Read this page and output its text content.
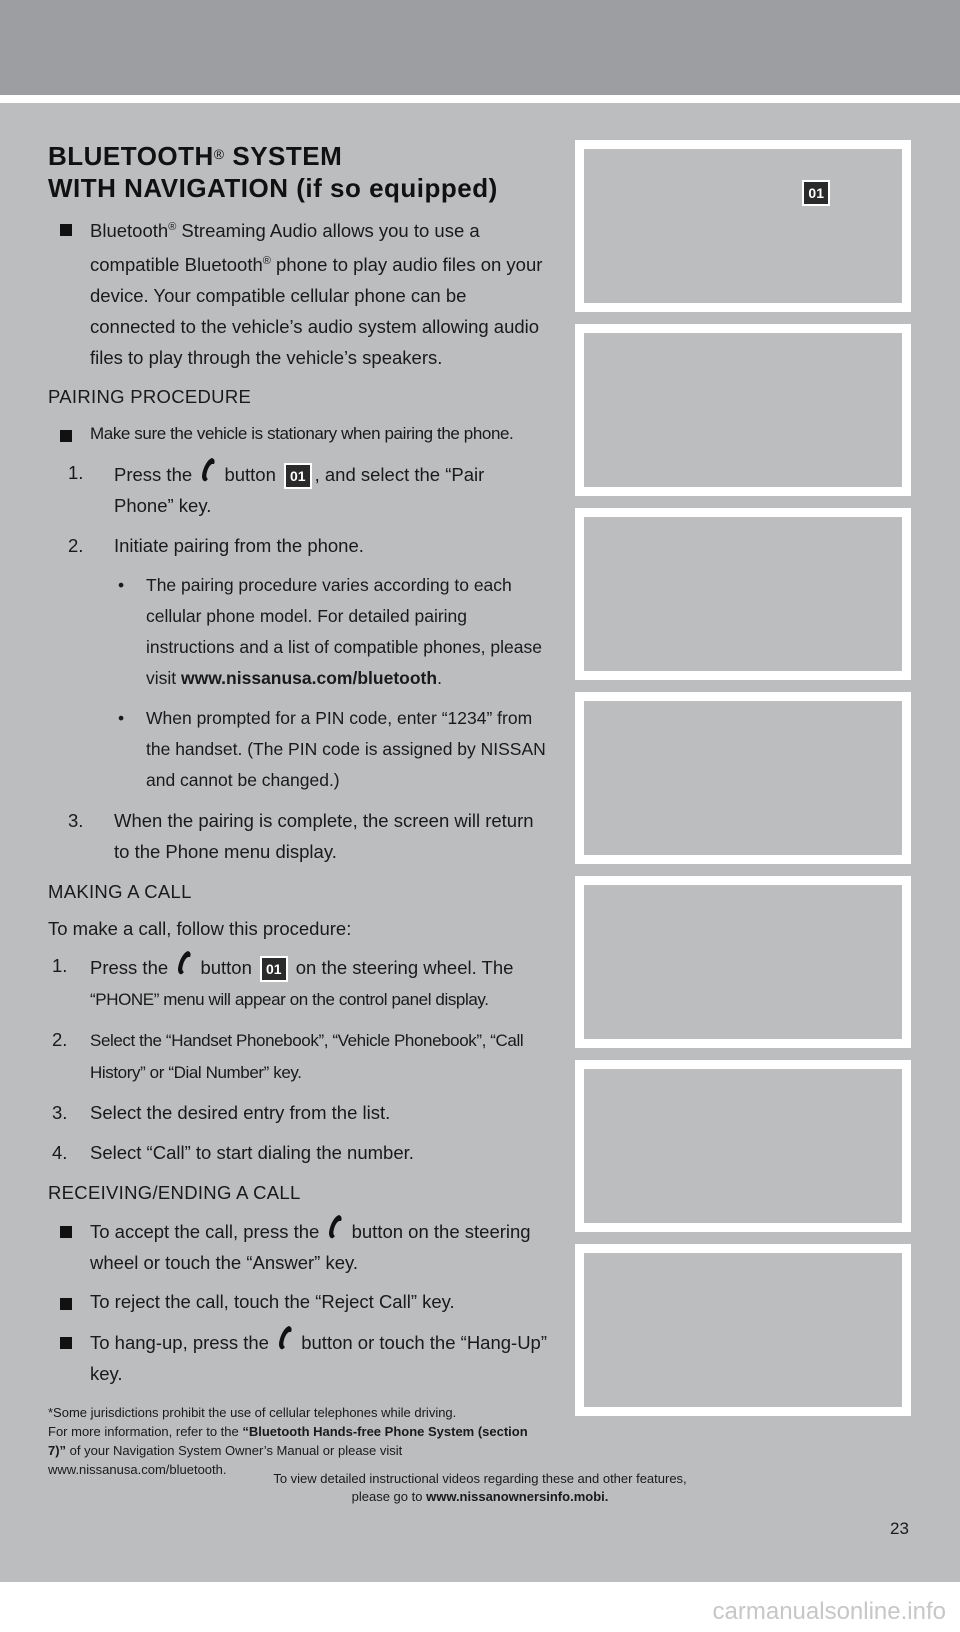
BLUETOOTH® SYSTEM
WITH NAVIGATION (if so equipped)
Bluetooth® Streaming Audio allows you to use a compatible Bluetooth® phone to play audio files on your device. Your compatible cellular phone can be connected to the vehicle’s audio system allowing audio files to play through the vehicle’s speakers.
PAIRING PROCEDURE
Make sure the vehicle is stationary when pairing the phone.
1. Press the button 01 , and select the “Pair Phone” key.
2. Initiate pairing from the phone.
• The pairing procedure varies according to each cellular phone model. For detailed pairing instructions and a list of compatible phones, please visit www.nissanusa.com/bluetooth.
• When prompted for a PIN code, enter “1234” from the handset. (The PIN code is assigned by NISSAN and cannot be changed.)
3. When the pairing is complete, the screen will return to the Phone menu display.
MAKING A CALL

To make a call, follow this procedure:

1. Press the button 01 on the steering wheel. The “PHONE” menu will appear on the control panel display.
2. Select the “Handset Phonebook”, “Vehicle Phonebook”, “Call History” or “Dial Number” key.
3. Select the desired entry from the list.
4. Select “Call” to start dialing the number.
RECEIVING/ENDING A CALL
To accept the call, press the button on the steering wheel or touch the “Answer” key.
To reject the call, touch the “Reject Call” key.
To hang-up, press the button or touch the “Hang-Up” key.
*Some jurisdictions prohibit the use of cellular telephones while driving.
For more information, refer to the “Bluetooth Hands-free Phone System (section 7)” of your Navigation System Owner’s Manual or please visit www.nissanusa.com/bluetooth.
01
To view detailed instructional videos regarding these and other features,
please go to www.nissanownersinfo.mobi.
23
carmanualsonline.info
